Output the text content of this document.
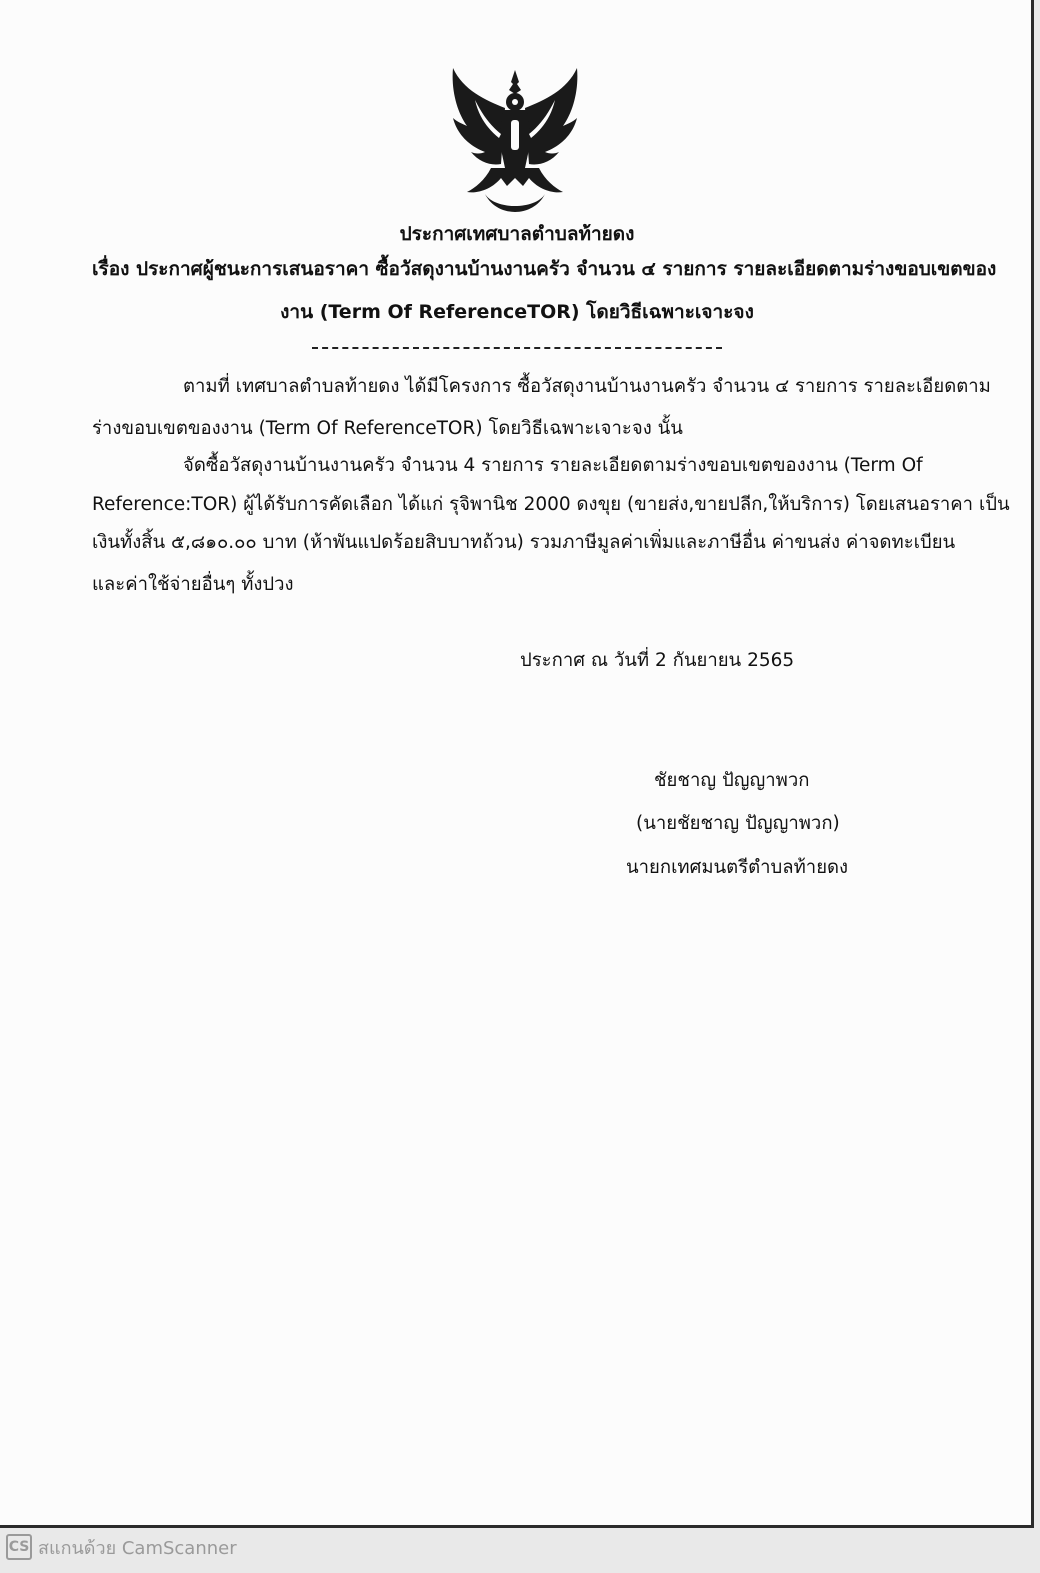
ประกาศเทศบาลตำบลท้ายดง
เรื่อง ประกาศผู้ชนะการเสนอราคา ซื้อวัสดุงานบ้านงานครัว จำนวน ๔ รายการ รายละเอียดตามร่างขอบเขตของ
งาน (Term Of ReferenceTOR) โดยวิธีเฉพาะเจาะจง
ตามที่ เทศบาลตำบลท้ายดง ได้มีโครงการ ซื้อวัสดุงานบ้านงานครัว จำนวน ๔ รายการ รายละเอียดตาม
ร่างขอบเขตของงาน (Term Of ReferenceTOR) โดยวิธีเฉพาะเจาะจง นั้น
จัดซื้อวัสดุงานบ้านงานครัว จำนวน 4 รายการ รายละเอียดตามร่างขอบเขตของงาน (Term Of
Reference:TOR) ผู้ได้รับการคัดเลือก ได้แก่ รุจิพานิช 2000 ดงขุย (ขายส่ง,ขายปลีก,ให้บริการ) โดยเสนอราคา เป็น
เงินทั้งสิ้น ๕,๘๑๐.๐๐ บาท (ห้าพันแปดร้อยสิบบาทถ้วน) รวมภาษีมูลค่าเพิ่มและภาษีอื่น ค่าขนส่ง ค่าจดทะเบียน
และค่าใช้จ่ายอื่นๆ ทั้งปวง
ประกาศ ณ วันที่ 2 กันยายน 2565
ชัยชาญ ปัญญาพวก
(นายชัยชาญ ปัญญาพวก)
นายกเทศมนตรีตำบลท้ายดง
CS สแกนด้วย CamScanner
